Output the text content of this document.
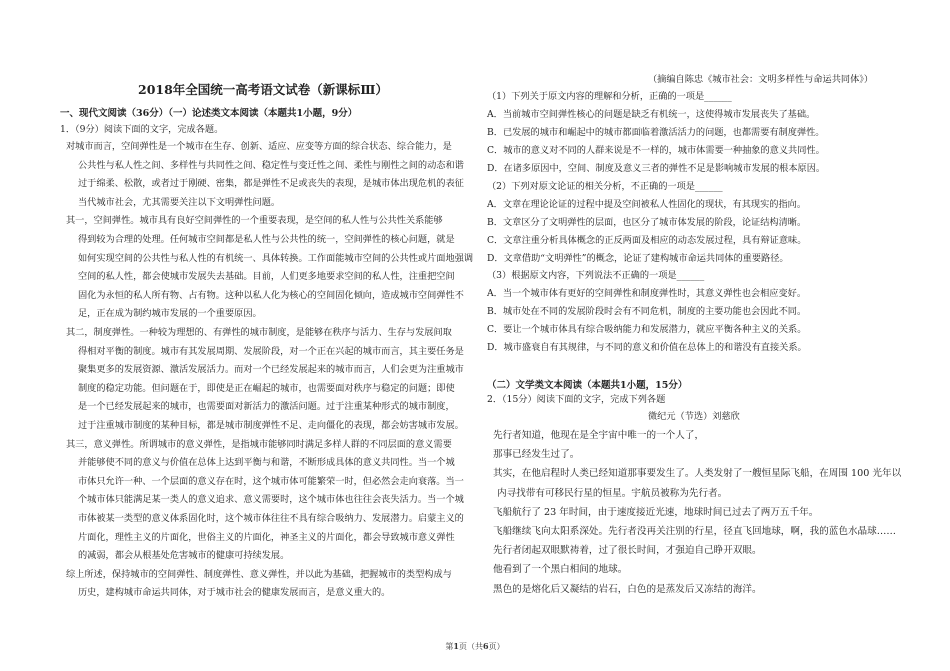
2018年全国统一高考语文试卷（新课标Ⅲ）
一、现代文阅读（36分）（一）论述类文本阅读（本题共1小题，9分）
1．（9分）阅读下面的文字，完成各题。
对城市而言，空间弹性是一个城市在生存、创新、适应、应变等方面的综合状态、综合能力，是
公共性与私人性之间、多样性与共同性之间、稳定性与变迁性之间、柔性与刚性之间的动态和谐
过于绵柔、松散，或者过于刚硬、密集，都是弹性不足或丧失的表现，是城市体出现危机的表征
当代城市社会，尤其需要关注以下文明弹性问题。
其一，空间弹性。城市具有良好空间弹性的一个重要表现，是空间的私人性与公共性关系能够
得到较为合理的处理。任何城市空间都是私人性与公共性的统一，空间弹性的核心问题，就是
如何实现空间的公共性与私人性的有机统一、具体转换。工作面能城市空间的公共性或片面地强调
空间的私人性，都会使城市发展失去基础。目前，人们更多地要求空间的私人性，注重把空间
固化为永恒的私人所有物、占有物。这种以私人化为核心的空间固化倾向，造成城市空间弹性不
足，正在成为制约城市发展的一个重要原因。
其二，制度弹性。一种较为理想的、有弹性的城市制度，是能够在秩序与活力、生存与发展间取
得相对平衡的制度。城市有其发展周期、发展阶段，对一个正在兴起的城市而言，其主要任务是
聚集更多的发展资源、激活发展活力。而对一个已经发展起来的城市而言，人们会更为注重城市
制度的稳定功能。但问题在于，即使是正在崛起的城市，也需要面对秩序与稳定的问题；即使
是一个已经发展起来的城市，也需要面对新活力的激活问题。过于注重某种形式的城市制度，
过于注重城市制度的某种目标，都是城市制度弹性不足、走向僵化的表现，都会妨害城市发展。
其三，意义弹性。所谓城市的意义弹性，是指城市能够同时满足多样人群的不同层面的意义需要
并能够使不同的意义与价值在总体上达到平衡与和谐，不断形成具体的意义共同性。当一个城
市体只允许一种、一个层面的意义存在时，这个城市体可能繁荣一时，但必然会走向衰落。当一
个城市体只能满足某一类人的意义追求、意义需要时，这个城市体也往往会丧失活力。当一个城
市体被某一类型的意义体系固化时，这个城市体往往不具有综合吸纳力、发展潜力。启蒙主义的
片面化，理性主义的片面化，世俗主义的片面化，神圣主义的片面化，都会导致城市意义弹性
的减弱，都会从根基处危害城市的健康可持续发展。
综上所述，保持城市的空间弹性、制度弹性、意义弹性，并以此为基础，把握城市的类型构成与
历史，建构城市命运共同体，对于城市社会的健康发展而言，是意义重大的。
（摘编自陈忠《城市社会：文明多样性与命运共同体》）
（1）下列关于原文内容的理解和分析，正确的一项是______
A．当前城市空间弹性核心的问题是缺乏有机统一，这使得城市发展丧失了基础。
B．已发展的城市和崛起中的城市都面临着激活活力的问题，也都需要有制度弹性。
C．城市的意义对不同的人群来说是不一样的，城市体需要一种抽象的意义共同性。
D．在诸多原因中，空间、制度及意义三者的弹性不足是影响城市发展的根本原因。
（2）下列对原文论证的相关分析，不正确的一项是______
A．文章在理论论证的过程中提及空间被私人性固化的现状，有其现实的指向。
B．文章区分了文明弹性的层面，也区分了城市体发展的阶段，论证结构清晰。
C．文章注重分析具体概念的正反两面及相应的动态发展过程，具有辩证意味。
D．文章借助“文明弹性”的概念，论证了建构城市命运共同体的重要路径。
（3）根据原文内容，下列说法不正确的一项是______
A．当一个城市体有更好的空间弹性和制度弹性时，其意义弹性也会相应变好。
B．城市处在不同的发展阶段时会有不同危机，制度的主要功能也会因此不同。
C．要让一个城市体具有综合吸纳能力和发展潜力，就应平衡各种主义的关系。
D．城市盛衰自有其规律，与不同的意义和价值在总体上的和谐没有直接关系。
（二）文学类文本阅读（本题共1小题，15分）
2．（15分）阅读下面的文字，完成下列各题
微纪元（节选）刘慈欣
先行者知道，他现在是全宇宙中唯一的一个人了，
那事已经发生过了。
其实，在他启程时人类已经知道那事要发生了。人类发射了一艘恒星际飞船，在周围 100 光年以
内寻找带有可移民行星的恒星。宇航员被称为先行者。
飞船航行了 23 年时间，由于速度接近光速，地球时间已过去了两万五千年。
飞船继续飞向太阳系深处。先行者没再关注别的行星，径直飞回地球，啊，我的蓝色水晶球……
先行者闭起双眼默祷着，过了很长时间，才强迫自己睁开双眼。
他看到了一个黑白相间的地球。
黑色的是熔化后又凝结的岩石，白色的是蒸发后又冻结的海洋。
第1页（共6页）
